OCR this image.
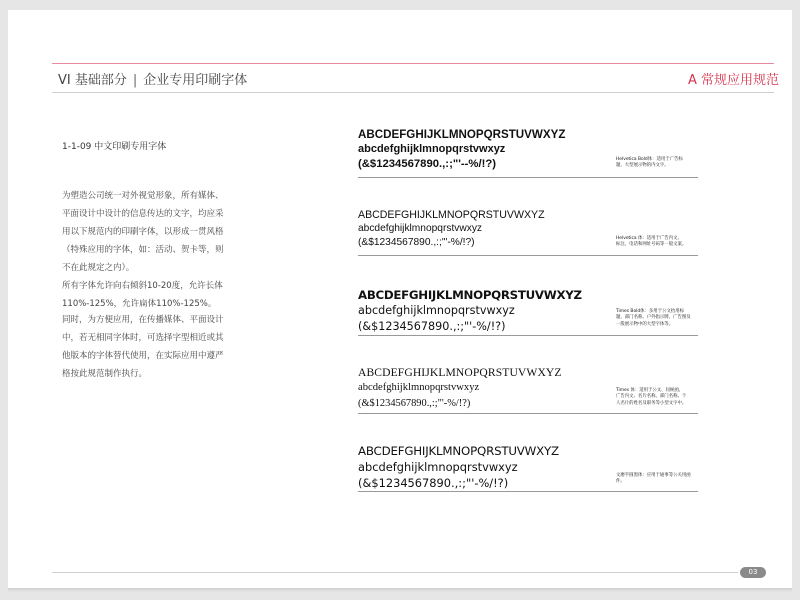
VI 基础部分 | 企业专用印刷字体	A 常规应用规范
1-1-09 中文印刷专用字体
为塑造公司统一对外视觉形象，所有媒体、
平面设计中设计的信息传达的文字，均应采
用以下规范内的印刷字体，以形成一贯风格
（特殊应用的字体，如：活动、贺卡等，则
不在此规定之内）。
所有字体允许向右倾斜10-20度，允许长体
110%-125%，允许扁体110%-125%。
同时，为方便应用，在传播媒体、平面设计
中，若无相同字体时，可选择字型相近或其
他版本的字体替代使用，在实际应用中遵严
格按此规范制作执行。
ABCDEFGHIJKLMNOPQRSTUVWXYZ
abcdefghijklmnopqrstvwxyz
(&$1234567890.,:;"'--%/!?)	Helvetica Bold体：适用于广告标
题、大型展示物的内文字。
ABCDEFGHIJKLMNOPQRSTUVWXYZ
abcdefghijklmnopqrstvwxyz
(&$1234567890.,:;"'-%/!?)	Helvetica 体：适用于广告内文、
标注、电话和网址号码等一般文案。
ABCDEFGHIJKLMNOPQRSTUVWXYZ
abcdefghijklmnopqrstvwxyz
(&$1234567890.,:;"'-%/!?)
Times Bold体：多用于公文抬用标
题、部门名称、户外指示牌、广告图及
一般展示物中的大型字体等。
ABCDEFGHIJKLMNOPQRSTUVWXYZ
abcdefghijklmnopqrstvwxyz
(&$1234567890.,:;"'-%/!?)
Times 体：适用于公文、问候函、
广告内文、名片名称、部门名称、个
人名片的姓名及职务等小型文字中。
ABCDEFGHIJKLMNOPQRSTUVWXYZ
abcdefghijklmnopqrstvwxyz
(&$1234567890.,:;"'-%/!?)
文磨半圆黑体：应用于通事等公关用函
件。
03
